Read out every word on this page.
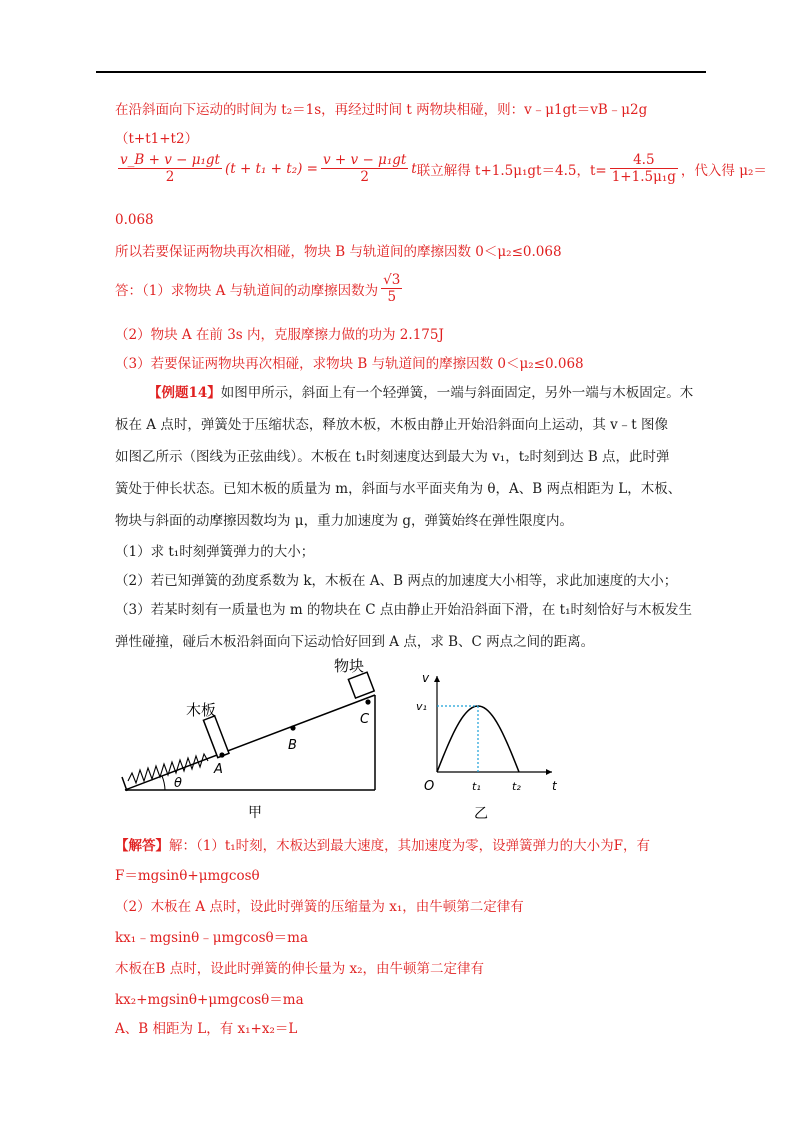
在沿斜面向下运动的时间为 t₂＝1s，再经过时间 t 两物块相碰，则：v﹣μ1gt＝vB﹣μ2g
（t+t1+t2）
$\frac{\text{v\_B + v − μ₁gt}}{2} (t + t_1 + t_2) = \frac{\text{v + v − μ₁gt}}{2}$ t 联立解得 t+1.5μ₁gt＝4.5，$t= \frac{4.5}{\text{1+1.5μ₁g}}$ ，代入得 μ₂＝
0.068
所以若要保证两物块再次相碰，物块 B 与轨道间的摩擦因数 0＜μ₂≤0.068
答：（1）求物块 A 与轨道间的动摩擦因数为 $\frac{√3}{5}$
（2）物块 A 在前 3s 内，克服摩擦力做的功为 2.175J
（3）若要保证两物块再次相碰，求物块 B 与轨道间的摩擦因数 0＜μ₂≤0.068
【例题14】如图甲所示，斜面上有一个轻弹簧，一端与斜面固定，另外一端与木板固定。木
板在 A 点时，弹簧处于压缩状态，释放木板，木板由静止开始沿斜面向上运动，其 v﹣t 图像
如图乙所示（图线为正弦曲线）。木板在 t₁时刻速度达到最大为 v₁，t₂时刻到达 B 点，此时弹
簧处于伸长状态。已知木板的质量为 m，斜面与水平面夹角为 θ，A、B 两点相距为 L，木板、
物块与斜面的动摩擦因数均为 μ，重力加速度为 g，弹簧始终在弹性限度内。
（1）求 t₁时刻弹簧弹力的大小；
（2）若已知弹簧的劲度系数为 k，木板在 A、B 两点的加速度大小相等，求此加速度的大小；
（3）若某时刻有一质量也为 m 的物块在 C 点由静止开始沿斜面下滑，在 t₁时刻恰好与木板发生
弹性碰撞，碰后木板沿斜面向下运动恰好回到 A 点，求 B、C 两点之间的距离。
θ
A
B
C
木板
物块
甲
v
t
O
v₁
t₁	t₂
乙
【解答】解：（1）t₁时刻，木板达到最大速度，其加速度为零，设弹簧弹力的大小为F，有
F＝mgsinθ+μmgcosθ
（2）木板在 A 点时，设此时弹簧的压缩量为 x₁，由牛顿第二定律有
kx₁﹣mgsinθ﹣μmgcosθ＝ma
木板在B 点时，设此时弹簧的伸长量为 x₂，由牛顿第二定律有
kx₂+mgsinθ+μmgcosθ＝ma
A、B 相距为 L，有 x₁+x₂＝L
